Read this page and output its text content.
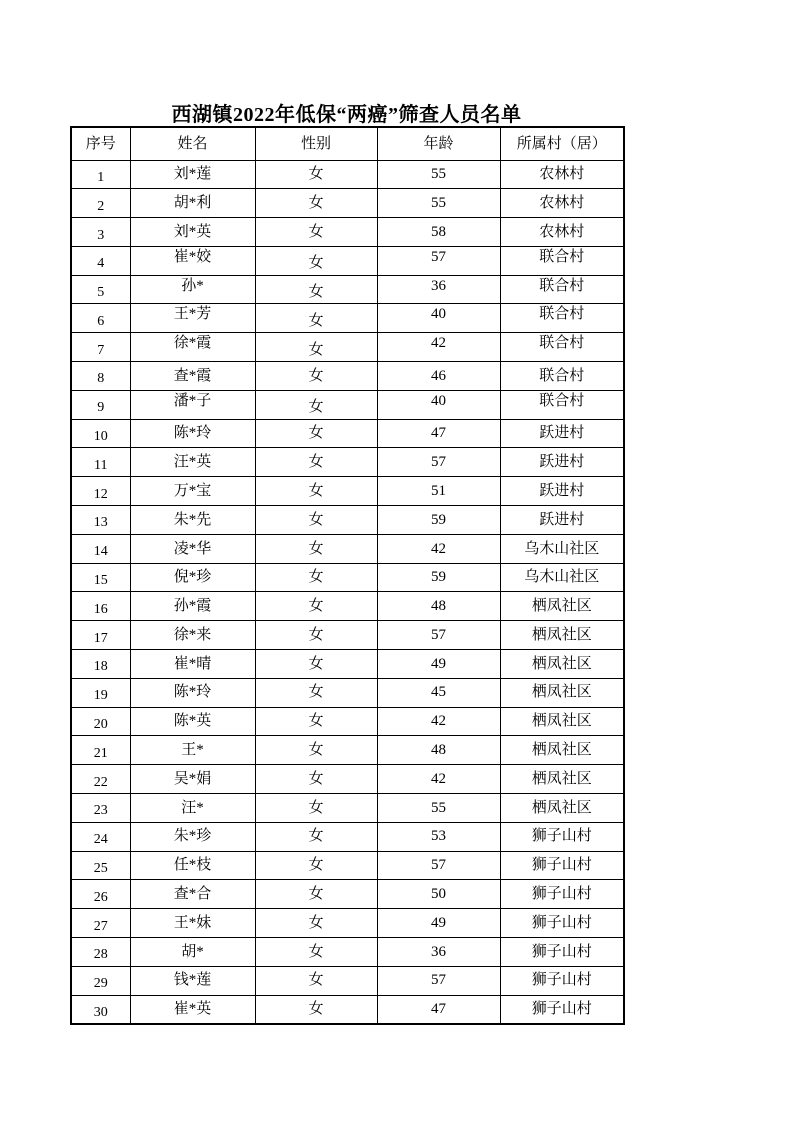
西湖镇2022年低保“两癌”筛查人员名单
序号	姓名	性别	年龄	所属村（居）
1	刘*莲	女	55	农林村
2	胡*利	女	55	农林村
3	刘*英	女	58	农林村
4	崔*姣	女	57	联合村
5	孙*	女	36	联合村
6	王*芳	女	40	联合村
7	徐*霞	女	42	联合村
8	查*霞	女	46	联合村
9	潘*子	女	40	联合村
10	陈*玲	女	47	跃进村
11	汪*英	女	57	跃进村
12	万*宝	女	51	跃进村
13	朱*先	女	59	跃进村
14	凌*华	女	42	乌木山社区
15	倪*珍	女	59	乌木山社区
16	孙*霞	女	48	栖凤社区
17	徐*来	女	57	栖凤社区
18	崔*晴	女	49	栖凤社区
19	陈*玲	女	45	栖凤社区
20	陈*英	女	42	栖凤社区
21	王*	女	48	栖凤社区
22	吴*娟	女	42	栖凤社区
23	汪*	女	55	栖凤社区
24	朱*珍	女	53	狮子山村
25	任*枝	女	57	狮子山村
26	查*合	女	50	狮子山村
27	王*妹	女	49	狮子山村
28	胡*	女	36	狮子山村
29	钱*莲	女	57	狮子山村
30	崔*英	女	47	狮子山村
